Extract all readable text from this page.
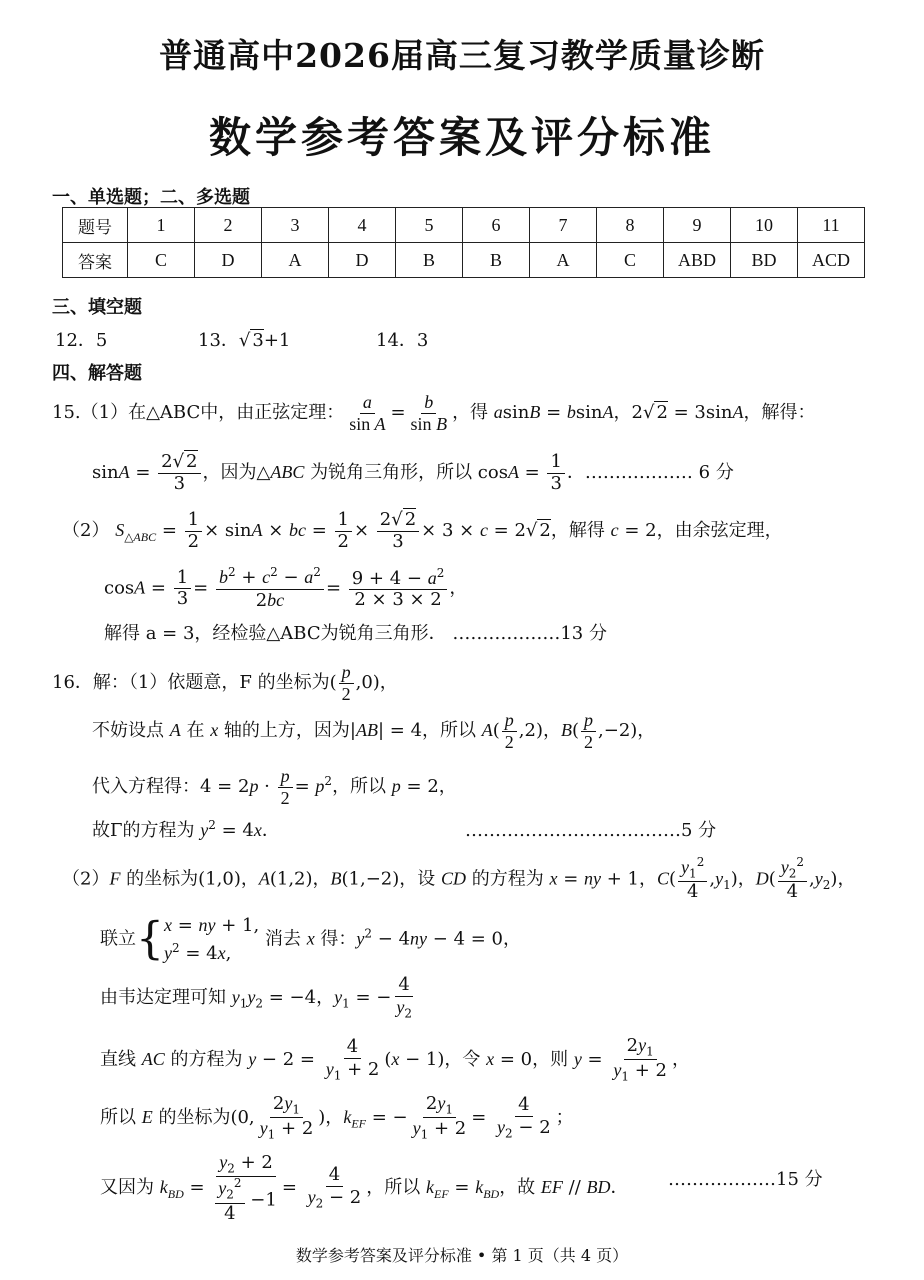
普通高中2026届高三复习教学质量诊断
数学参考答案及评分标准
一、单选题；二、多选题
题号	1	2	3	4	5	6	7	8	9	10	11
答案	C	D	A	D	B	B	A	C	ABD	BD	ACD
三、填空题
12．5	13．√ 3+1	14．3
四、解答题
15.（1）在△ABC中，由正弦定理： $\frac{a}{\text{sin A}} = \frac{b}{\text{sin B}}$ ，得 asinB = bsinA，2√ 2 = 3sinA，解得：
$\sin A = \frac{2√ 2}{3}$ ，因为△ABC 为锐角三角形，所以 $\cos A = \frac{1}{3}$ ．……………… 6 分
（2） $S_{\triangle ABC} = \frac{1}{2} \times \sin A$ × bc = $\frac{1}{2} \times \frac{2√ 2}{3} \times 3 \times c = 2√$ 2，解得 c = 2，由余弦定理，
$\cos A = \frac{1}{3} = \frac{b^2 + c^2 - a^2}{2bc} = \frac{9 + 4 - a^2}{2 \times 3 \times 2}$ ，
解得 a = 3，经检验△ABC为锐角三角形． ………………13 分
16．解：（1）依题意，F 的坐标为( $\frac{p}{2} ,0$)，
不妨设点 A 在 x 轴的上方，因为|AB| = 4，所以 $A( \frac{p}{2} ,2)$，$B( \frac{p}{2} ,-2)$，
代入方程得：$4 = 2p \cdot \frac{p}{2} = p^2$，所以 p = 2，
故Γ的方程为 $y^2 = 4x$．	………………………………5 分
（2）F 的坐标为(1,0)，A(1,2)，B(1,−2)，设 CD 的方程为 x = ny + 1，$C( \frac{y_1^2}{4} ,y_1)$，$D( \frac{y_2^2}{4} ,y_2)$，
联立{ x = ny + 1,
$y^2 = 4x$,
消去 x 得：$y^2 - 4ny - 4 = 0$，
由韦达定理可知 $y_1y_2 = -4$，$y_1$ = − $\frac{4}{y_2}$
直线 AC 的方程为 $y - 2 = \frac{4}{y_1 + 2} (x - 1)$，令 x = 0，则 $y = \frac{2y_1}{y_1 + 2}$ ，
所以 E 的坐标为(0, $\frac{2y_1}{y_1 + 2}$ )，$k_{EF}$ = − $\frac{2y_1}{y_1 + 2} = \frac{4}{y_2 - 2}$ ；
又因为 $k_{BD} = \frac{y_2 + 2}{\frac{y_2^2}{4} -1} = \frac{4}{y_2 - 2}$ ，所以 $k_{EF} = k_{BD}$，故 EF // BD． ………………15 分
数学参考答案及评分标准 • 第 1 页（共 4 页）
